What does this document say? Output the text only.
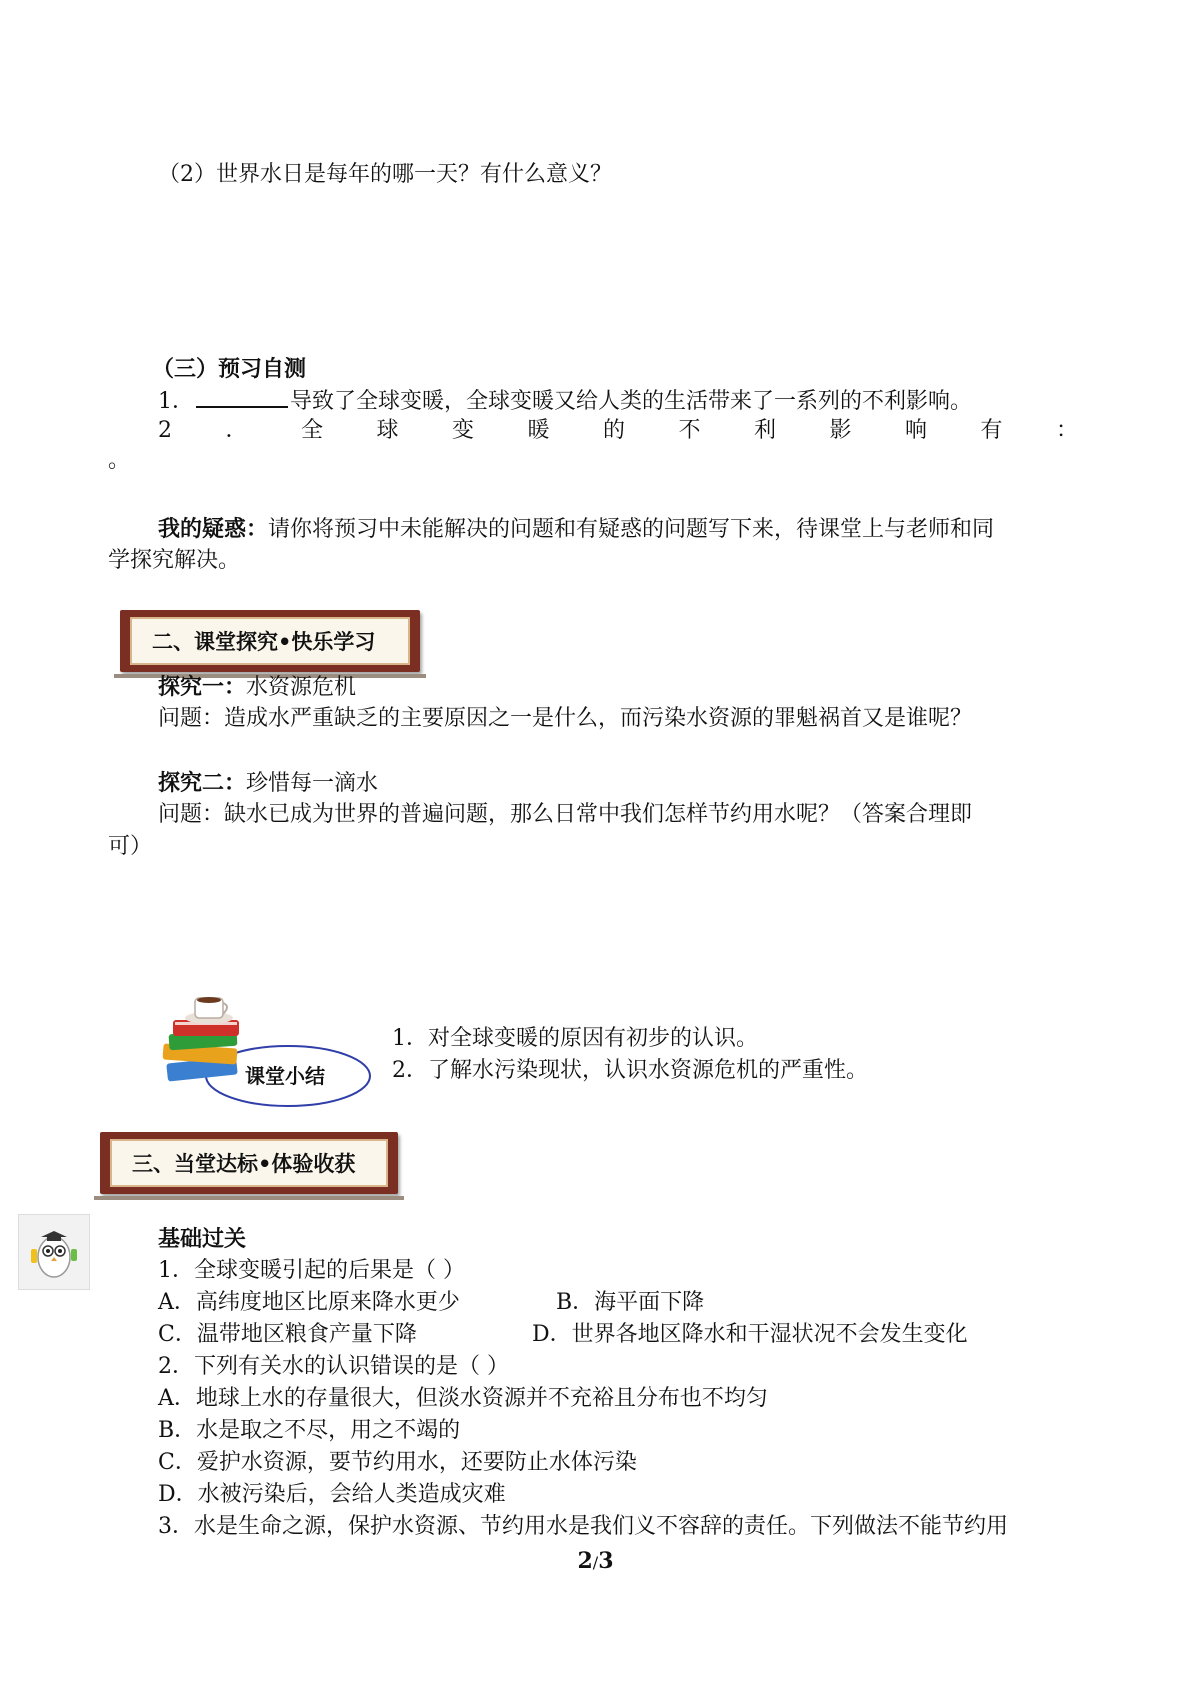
（2）世界水日是每年的哪一天？有什么意义？
（三）预习自测
1．	导致了全球变暖，全球变暖又给人类的生活带来了一系列的不利影响。
2 ． 全 球 变 暖 的 不 利 影 响 有 ：
。
我的疑惑：请你将预习中未能解决的问题和有疑惑的问题写下来，待课堂上与老师和同
学探究解决。
二、课堂探究•快乐学习
探究一：水资源危机
问题：造成水严重缺乏的主要原因之一是什么，而污染水资源的罪魁祸首又是谁呢？
探究二：珍惜每一滴水
问题：缺水已成为世界的普遍问题，那么日常中我们怎样节约用水呢？（答案合理即
可）
课堂小结
1．对全球变暖的原因有初步的认识。
2．了解水污染现状，认识水资源危机的严重性。
三、当堂达标•体验收获
基础过关
1．全球变暖引起的后果是（ ）
A．高纬度地区比原来降水更少	B．海平面下降
C．温带地区粮食产量下降	D．世界各地区降水和干湿状况不会发生变化
2．下列有关水的认识错误的是（ ）
A．地球上水的存量很大，但淡水资源并不充裕且分布也不均匀
B．水是取之不尽，用之不竭的
C．爱护水资源，要节约用水，还要防止水体污染
D．水被污染后，会给人类造成灾难
3．水是生命之源，保护水资源、节约用水是我们义不容辞的责任。下列做法不能节约用
2/3
